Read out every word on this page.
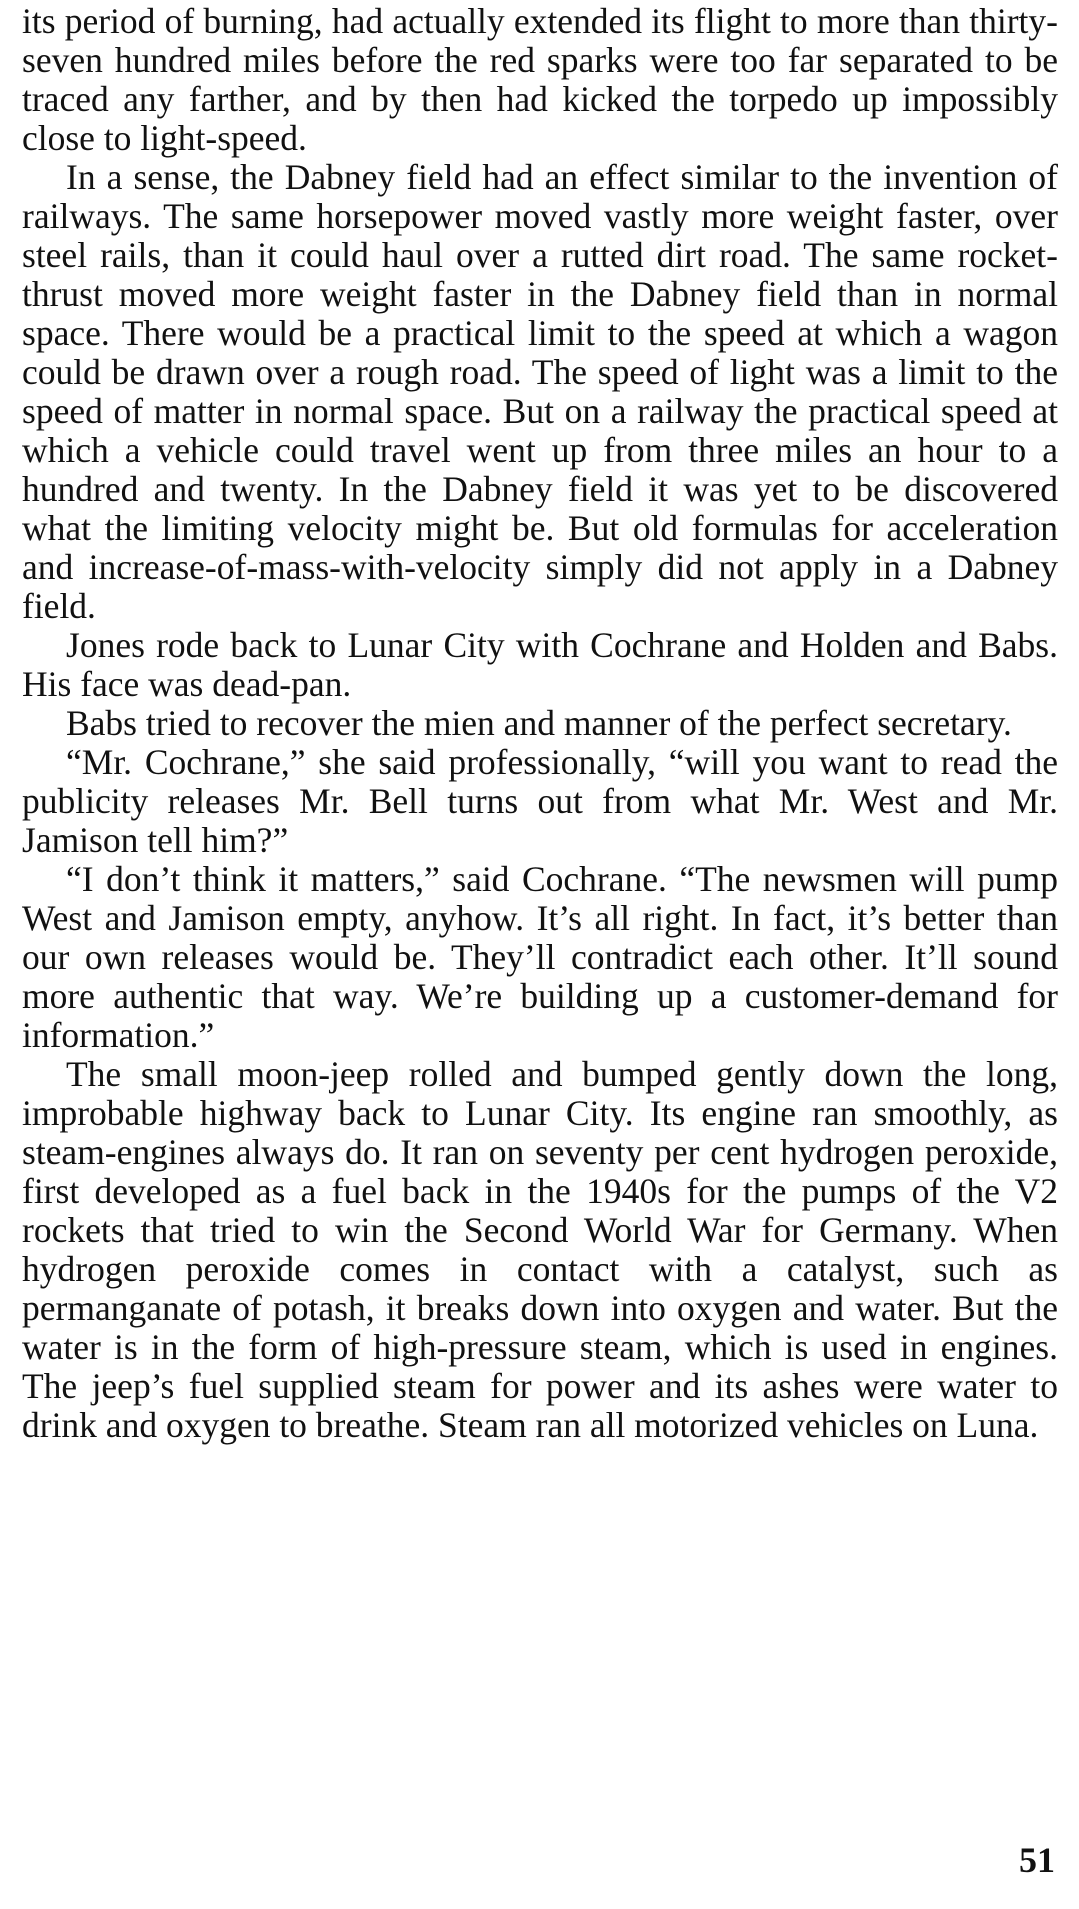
its period of burning, had actually extended its flight to more than thirty-seven hundred miles before the red sparks were too far separated to be traced any farther, and by then had kicked the torpedo up impossibly close to light-speed.

In a sense, the Dabney field had an effect similar to the invention of railways. The same horsepower moved vastly more weight faster, over steel rails, than it could haul over a rutted dirt road. The same rocket-thrust moved more weight faster in the Dabney field than in normal space. There would be a practical limit to the speed at which a wagon could be drawn over a rough road. The speed of light was a limit to the speed of matter in normal space. But on a railway the practical speed at which a vehicle could travel went up from three miles an hour to a hundred and twenty. In the Dabney field it was yet to be discovered what the limiting velocity might be. But old formulas for acceleration and increase-of-mass-with-velocity simply did not apply in a Dabney field.

Jones rode back to Lunar City with Cochrane and Holden and Babs. His face was dead-pan.

Babs tried to recover the mien and manner of the perfect secretary.

“Mr. Cochrane,” she said professionally, “will you want to read the publicity releases Mr. Bell turns out from what Mr. West and Mr. Jamison tell him?”

“I don’t think it matters,” said Cochrane. “The newsmen will pump West and Jamison empty, anyhow. It’s all right. In fact, it’s better than our own releases would be. They’ll contradict each other. It’ll sound more authentic that way. We’re building up a customer-demand for information.”

The small moon-jeep rolled and bumped gently down the long, improbable highway back to Lunar City. Its engine ran smoothly, as steam-engines always do. It ran on seventy per cent hydrogen peroxide, first developed as a fuel back in the 1940s for the pumps of the V2 rockets that tried to win the Second World War for Germany. When hydrogen peroxide comes in contact with a catalyst, such as permanganate of potash, it breaks down into oxygen and water. But the water is in the form of high-pressure steam, which is used in engines. The jeep’s fuel supplied steam for power and its ashes were water to drink and oxygen to breathe. Steam ran all motorized vehicles on Luna.

51
